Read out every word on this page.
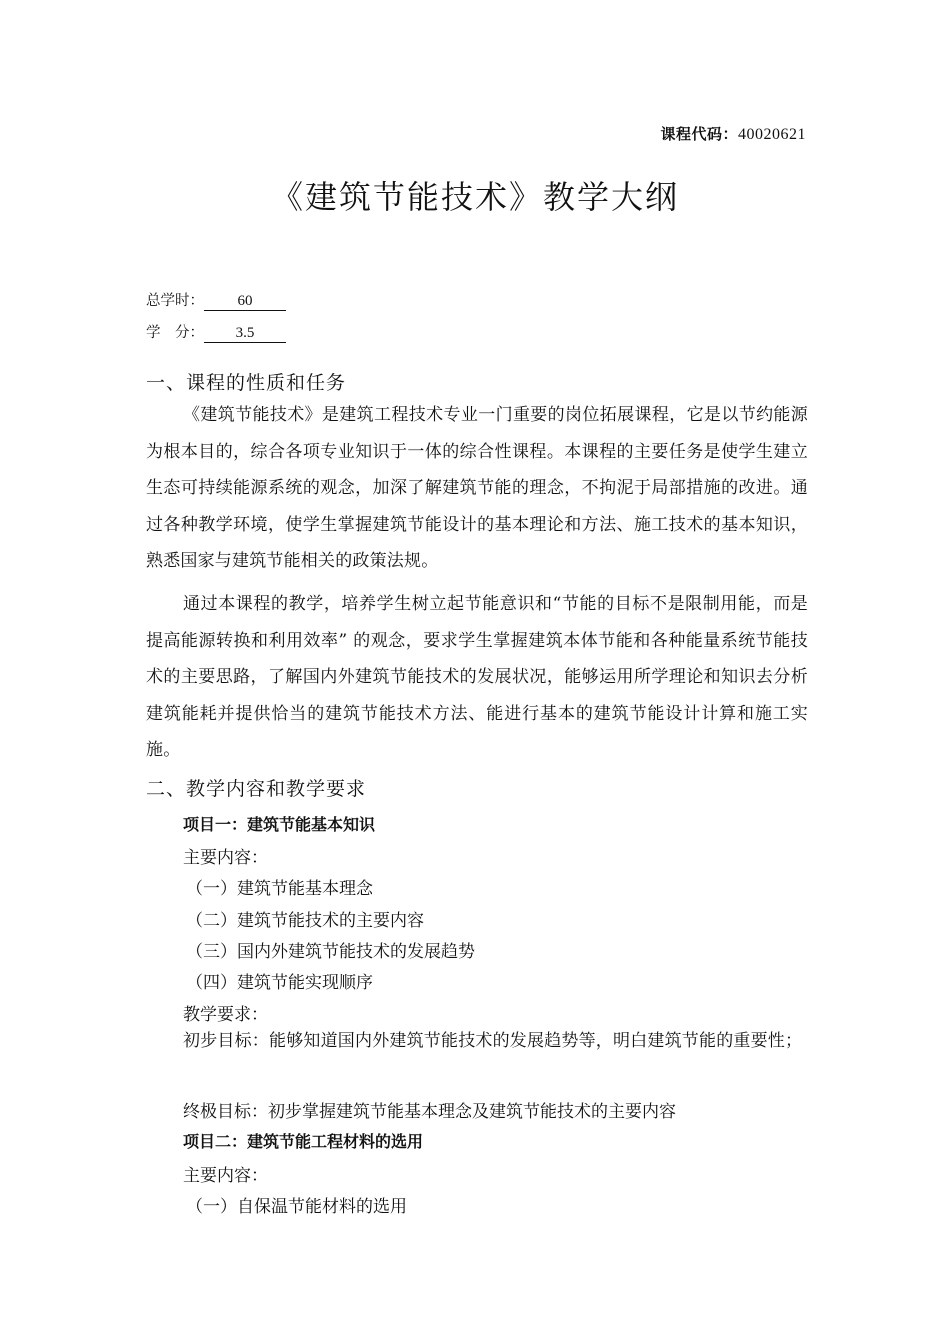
课程代码：40020621
《建筑节能技术》教学大纲
总学时： 60
学　分： 3.5
一、课程的性质和任务

《建筑节能技术》是建筑工程技术专业一门重要的岗位拓展课程，它是以节约能源为根本目的，综合各项专业知识于一体的综合性课程。本课程的主要任务是使学生建立生态可持续能源系统的观念，加深了解建筑节能的理念，不拘泥于局部措施的改进。通过各种教学环境，使学生掌握建筑节能设计的基本理论和方法、施工技术的基本知识，熟悉国家与建筑节能相关的政策法规。

通过本课程的教学，培养学生树立起节能意识和“节能的目标不是限制用能，而是提高能源转换和利用效率” 的观念，要求学生掌握建筑本体节能和各种能量系统节能技术的主要思路，了解国内外建筑节能技术的发展状况，能够运用所学理论和知识去分析建筑能耗并提供恰当的建筑节能技术方法、能进行基本的建筑节能设计计算和施工实施。

二、教学内容和教学要求
项目一：建筑节能基本知识
主要内容：
（一）建筑节能基本理念
（二）建筑节能技术的主要内容
（三）国内外建筑节能技术的发展趋势
（四）建筑节能实现顺序
教学要求：

初步目标：能够知道国内外建筑节能技术的发展趋势等，明白建筑节能的重要性；

终极目标：初步掌握建筑节能基本理念及建筑节能技术的主要内容
项目二：建筑节能工程材料的选用
主要内容：
（一）自保温节能材料的选用
